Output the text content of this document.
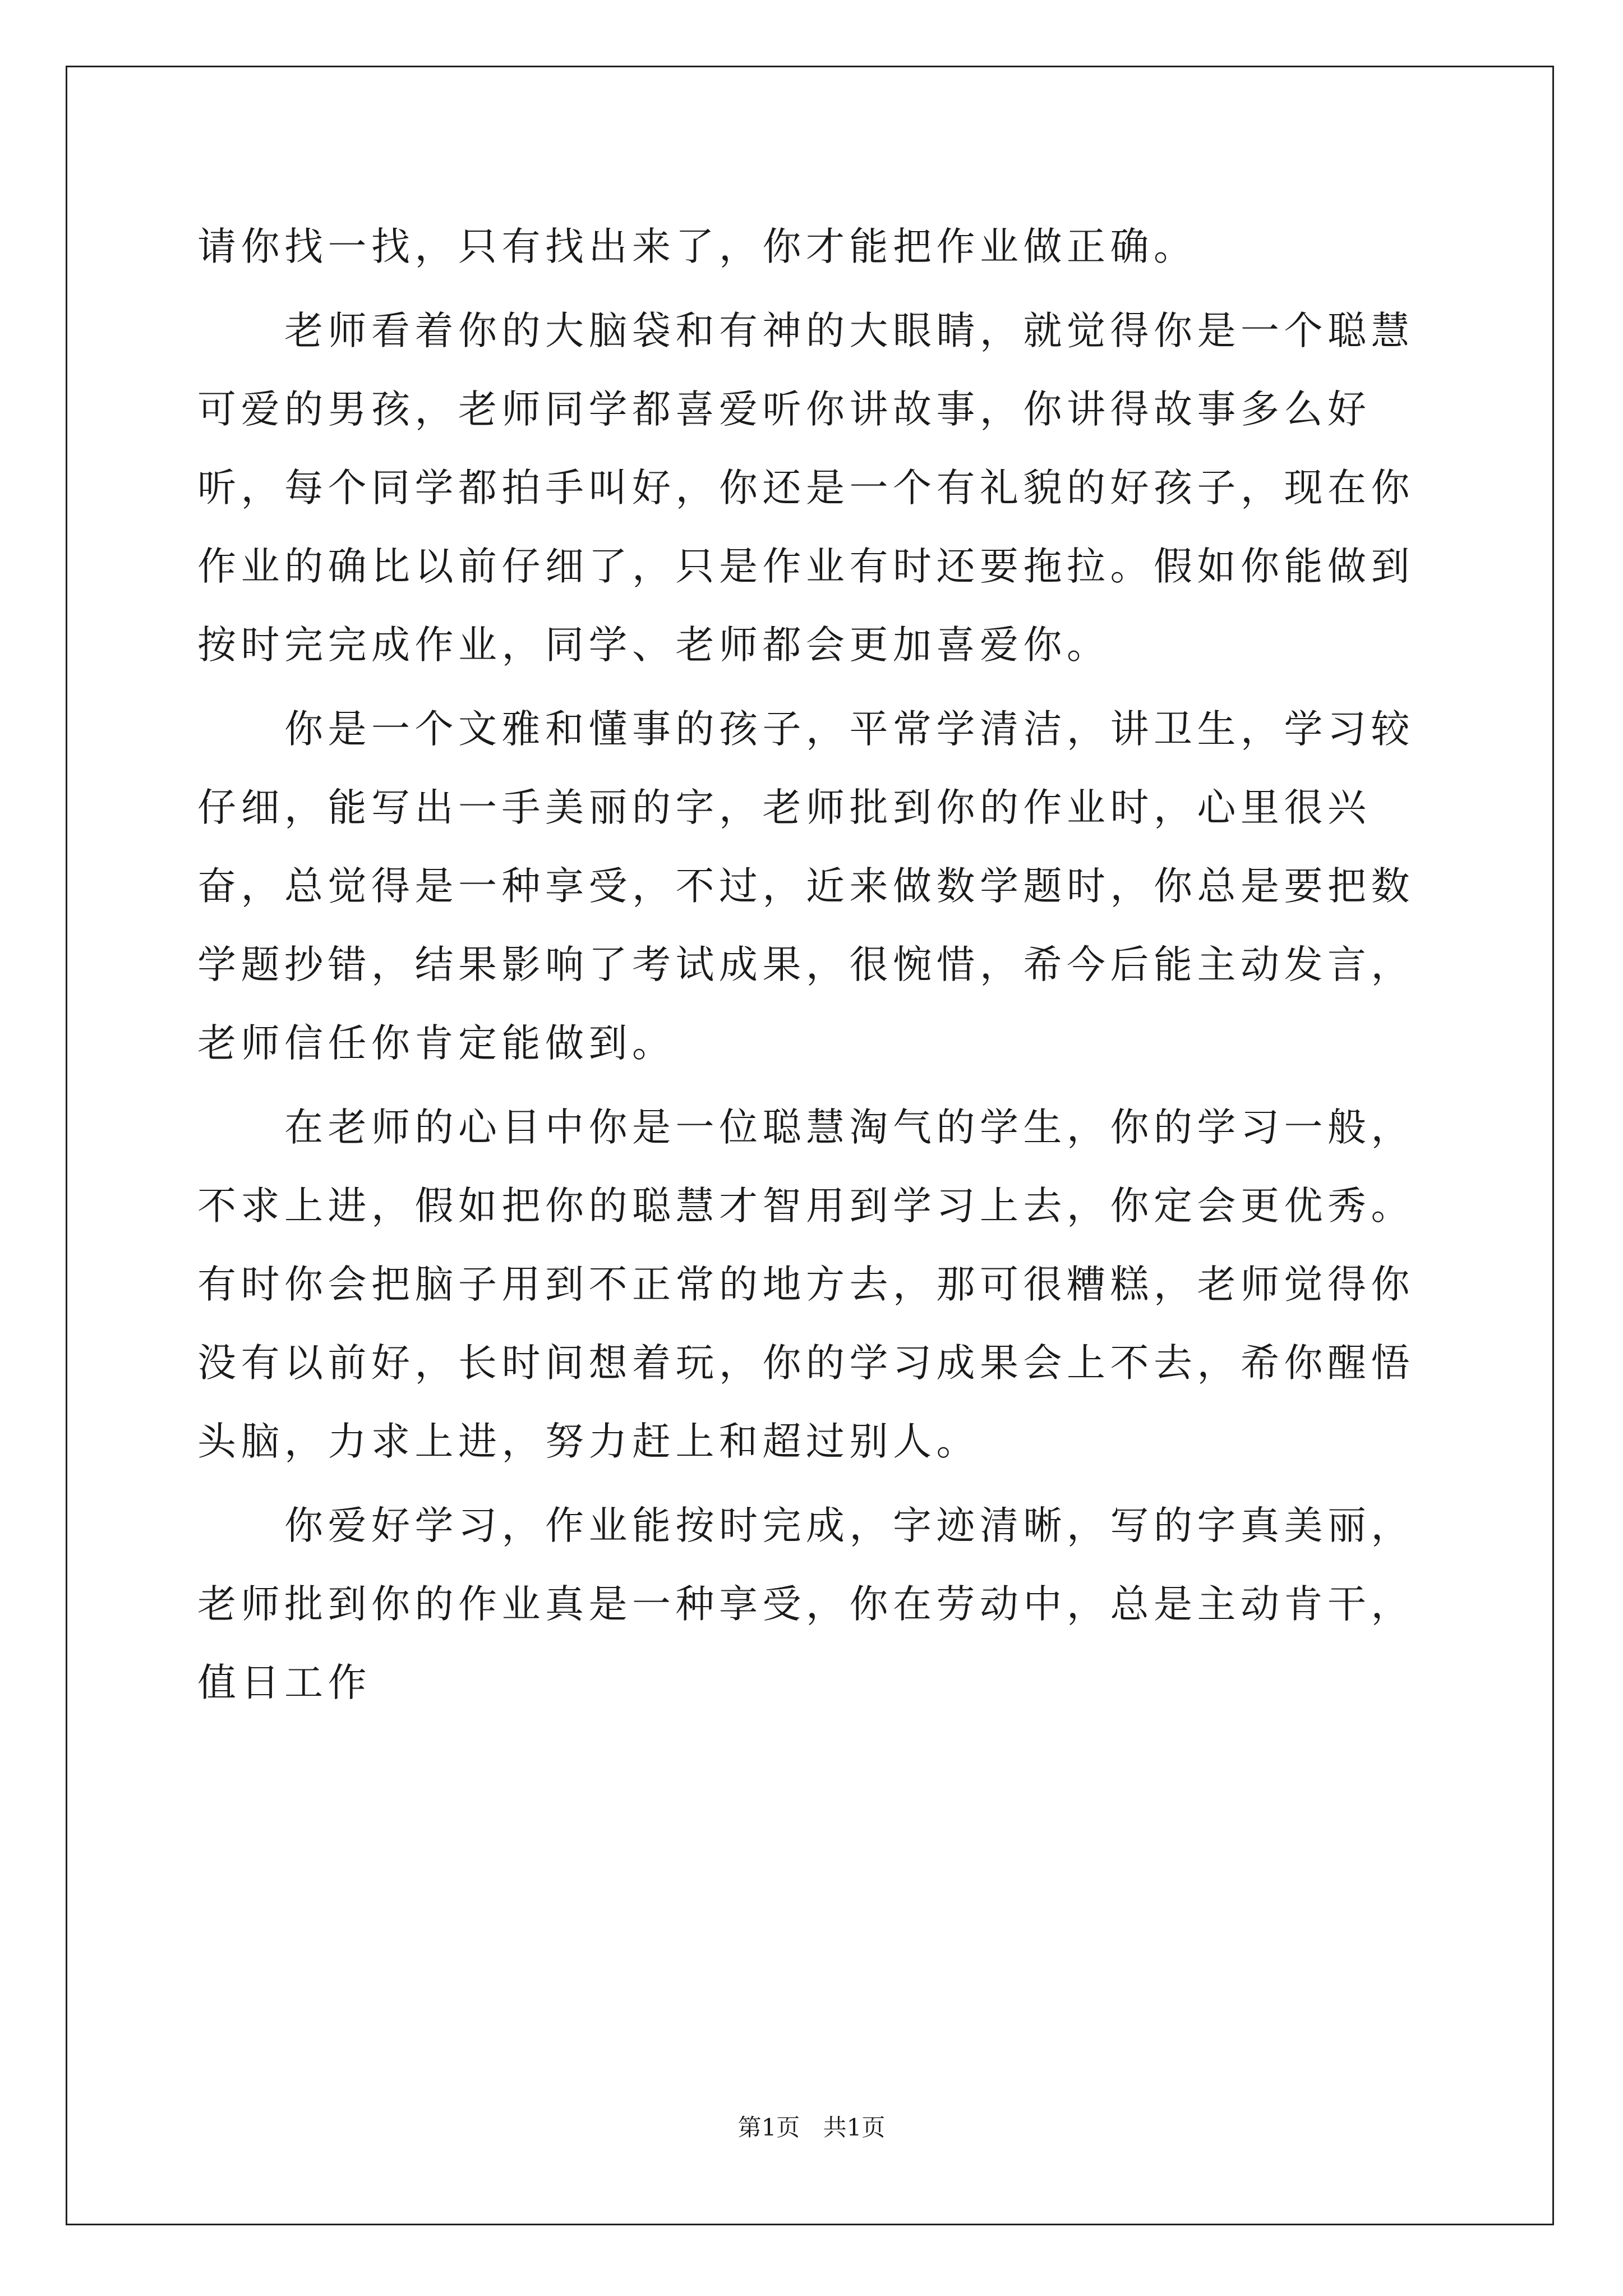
请你找一找，只有找出来了，你才能把作业做正确。

老师看着你的大脑袋和有神的大眼睛，就觉得你是一个聪慧可爱的男孩，老师同学都喜爱听你讲故事，你讲得故事多么好听，每个同学都拍手叫好，你还是一个有礼貌的好孩子，现在你作业的确比以前仔细了，只是作业有时还要拖拉。假如你能做到按时完完成作业，同学、老师都会更加喜爱你。

你是一个文雅和懂事的孩子，平常学清洁，讲卫生，学习较仔细，能写出一手美丽的字，老师批到你的作业时，心里很兴奋，总觉得是一种享受，不过，近来做数学题时，你总是要把数学题抄错，结果影响了考试成果，很惋惜，希今后能主动发言，老师信任你肯定能做到。

在老师的心目中你是一位聪慧淘气的学生，你的学习一般，不求上进，假如把你的聪慧才智用到学习上去，你定会更优秀。有时你会把脑子用到不正常的地方去，那可很糟糕，老师觉得你没有以前好，长时间想着玩，你的学习成果会上不去，希你醒悟头脑，力求上进，努力赶上和超过别人。

你爱好学习，作业能按时完成，字迹清晰，写的字真美丽，老师批到你的作业真是一种享受，你在劳动中，总是主动肯干，值日工作

第1页 共1页
